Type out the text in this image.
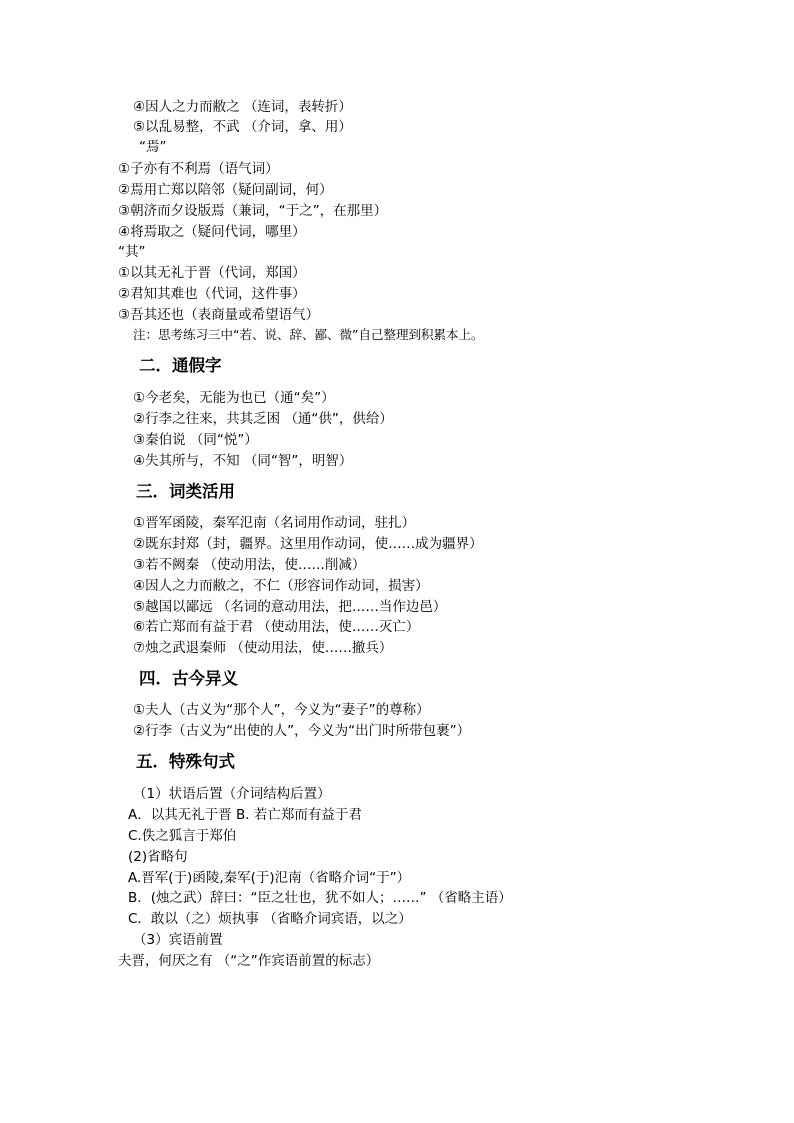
④因人之力而敝之 （连词，表转折）
⑤以乱易整，不武 （介词，拿、用）
“焉”
①子亦有不利焉（语气词）
②焉用亡郑以陪邻（疑问副词，何）
③朝济而夕设版焉（兼词，“于之”，在那里）
④将焉取之（疑问代词，哪里）
“其”
①以其无礼于晋（代词，郑国）
②君知其难也（代词，这件事）
③吾其还也（表商量或希望语气）
注：思考练习三中“若、说、辞、鄙、微”自己整理到积累本上。
二．通假字
①今老矣，无能为也已（通“矣”）
②行李之往来，共其乏困 （通“供”，供给）
③秦伯说 （同“悦”）
④失其所与，不知 （同“智”，明智）
三．词类活用
①晋军函陵，秦军氾南（名词用作动词，驻扎）
②既东封郑（封，疆界。这里用作动词，使……成为疆界）
③若不阙秦 （使动用法，使……削减）
④因人之力而敝之，不仁（形容词作动词，损害）
⑤越国以鄙远 （名词的意动用法，把……当作边邑）
⑥若亡郑而有益于君 （使动用法，使……灭亡）
⑦烛之武退秦师 （使动用法，使……撤兵）
四．古今异义
①夫人（古义为“那个人”，今义为“妻子”的尊称）
②行李（古义为“出使的人”，今义为“出门时所带包裹”）
五．特殊句式
（1）状语后置（介词结构后置）
A．以其无礼于晋 B. 若亡郑而有益于君
C.佚之狐言于郑伯
(2)省略句
A.晋军(于)函陵,秦军(于)氾南（省略介词“于”）
B．(烛之武）辞曰：“臣之壮也，犹不如人；……” （省略主语）
C．敢以（之）烦执事 （省略介词宾语，以之）
（3）宾语前置
夫晋，何厌之有 （“之”作宾语前置的标志）
